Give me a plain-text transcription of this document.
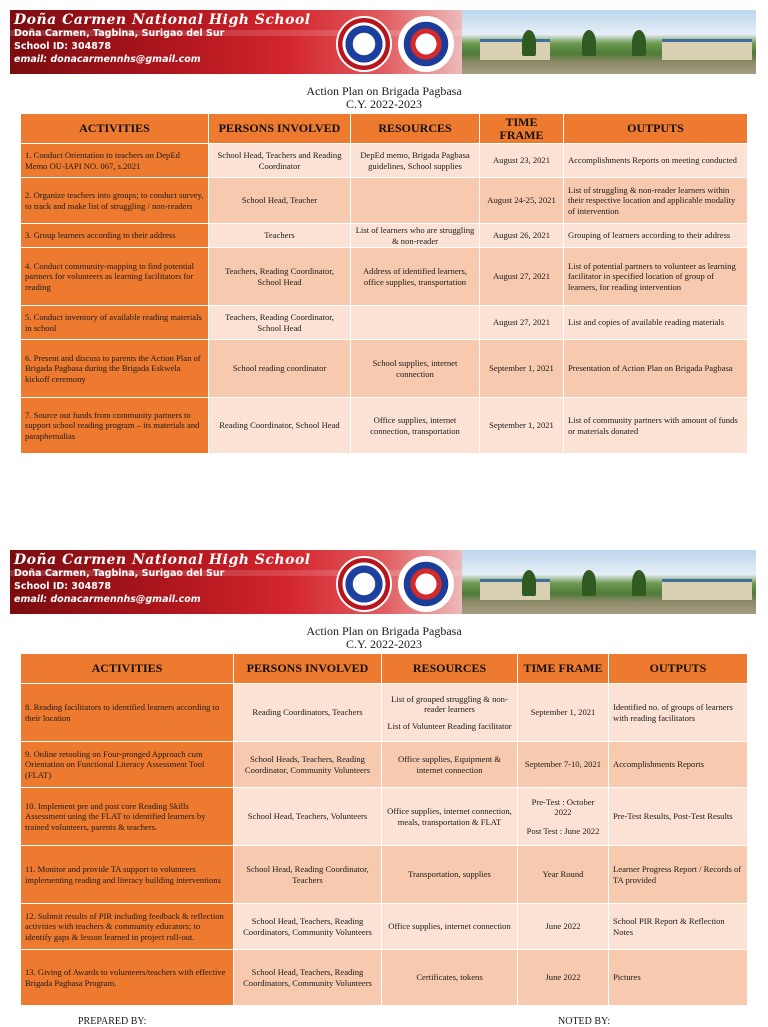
Doña Carmen National High School
Doña Carmen, Tagbina, Surigao del Sur
School ID: 304878
email: donacarmennhs@gmail.com
Action Plan on Brigada Pagbasa
C.Y. 2022-2023
ACTIVITIES	PERSONS INVOLVED	RESOURCES	TIME FRAME	OUTPUTS
1. Conduct Orientation to teachers on DepEd Memo OU-IAPI NO. 067, s.2021	School Head, Teachers and Reading Coordinator	DepEd memo, Brigada Pagbasa guidelines, School supplies	August 23, 2021	Accomplishments Reports on meeting conducted
2. Organize teachers into groups; to conduct survey, to track and make list of struggling / non-readers	School Head, Teacher		August 24-25, 2021	List of struggling & non-reader learners within their respective location and applicable modality of intervention
3. Group learners according to their address	Teachers	List of learners who are struggling & non-reader	August 26, 2021	Grouping of learners according to their address
4. Conduct community-mapping to find potential partners for volunteers as learning facilitators for reading	Teachers, Reading Coordinator, School Head	Address of identified learners, office supplies, transportation	August 27, 2021	List of potential partners to volunteer as learning facilitator in specified location of group of learners, for reading intervention
5. Conduct inventory of available reading materials in school	Teachers, Reading Coordinator, School Head		August 27, 2021	List and copies of available reading materials
6. Present and discuss to parents the Action Plan of Brigada Pagbasa during the Brigada Eskwela kickoff ceremony	School reading coordinator	School supplies, internet connection	September 1, 2021	Presentation of Action Plan on Brigada Pagbasa
7. Source out funds from community partners to support school reading program – its materials and paraphernalias	Reading Coordinator, School Head	Office supplies, internet connection, transportation	September 1, 2021	List of community partners with amount of funds or materials donated
Doña Carmen National High School
Doña Carmen, Tagbina, Surigao del Sur
School ID: 304878
email: donacarmennhs@gmail.com
Action Plan on Brigada Pagbasa
C.Y. 2022-2023
ACTIVITIES	PERSONS INVOLVED	RESOURCES	TIME FRAME	OUTPUTS
8. Reading facilitators to identified learners according to their location	Reading Coordinators, Teachers	List of grouped struggling & non-reader learners
List of Volunteer Reading facilitator	September 1, 2021	Identified no. of groups of learners with reading facilitators
9. Online retooling on Four-pronged Approach cum Orientation on Functional Literacy Assessment Tool (FLAT)	School Heads, Teachers, Reading Coordinator, Community Volunteers	Office supplies, Equipment & internet connection	September 7-10, 2021	Accomplishments Reports
10. Implement pre and post core Reading Skills Assessment using the FLAT to identified learners by trained volunteers, parents & teachers.	School Head, Teachers, Volunteers	Office supplies, internet connection, meals, transportation & FLAT	Pre-Test : October 2022
Post Test : June 2022	Pre-Test Results, Post-Test Results
11. Monitor and provide TA support to volunteers implementing reading and literacy building interventions	School Head, Reading Coordinator, Teachers	Transportation, supplies	Year Round	Learner Progress Report / Records of TA provided
12. Submit results of PIR including feedback & reflection activities with teachers & community educators; to identify gaps & lesson learned in project roll-out.	School Head, Teachers, Reading Coordinators, Community Volunteers	Office supplies, internet connection	June 2022	School PIR Report & Reflection Notes
13. Giving of Awards to volunteers/teachers with effective Brigada Pagbasa Program.	School Head, Teachers, Reading Coordinators, Community Volunteers	Certificates, tokens	June 2022	Pictures
PREPARED BY:	NOTED BY:
